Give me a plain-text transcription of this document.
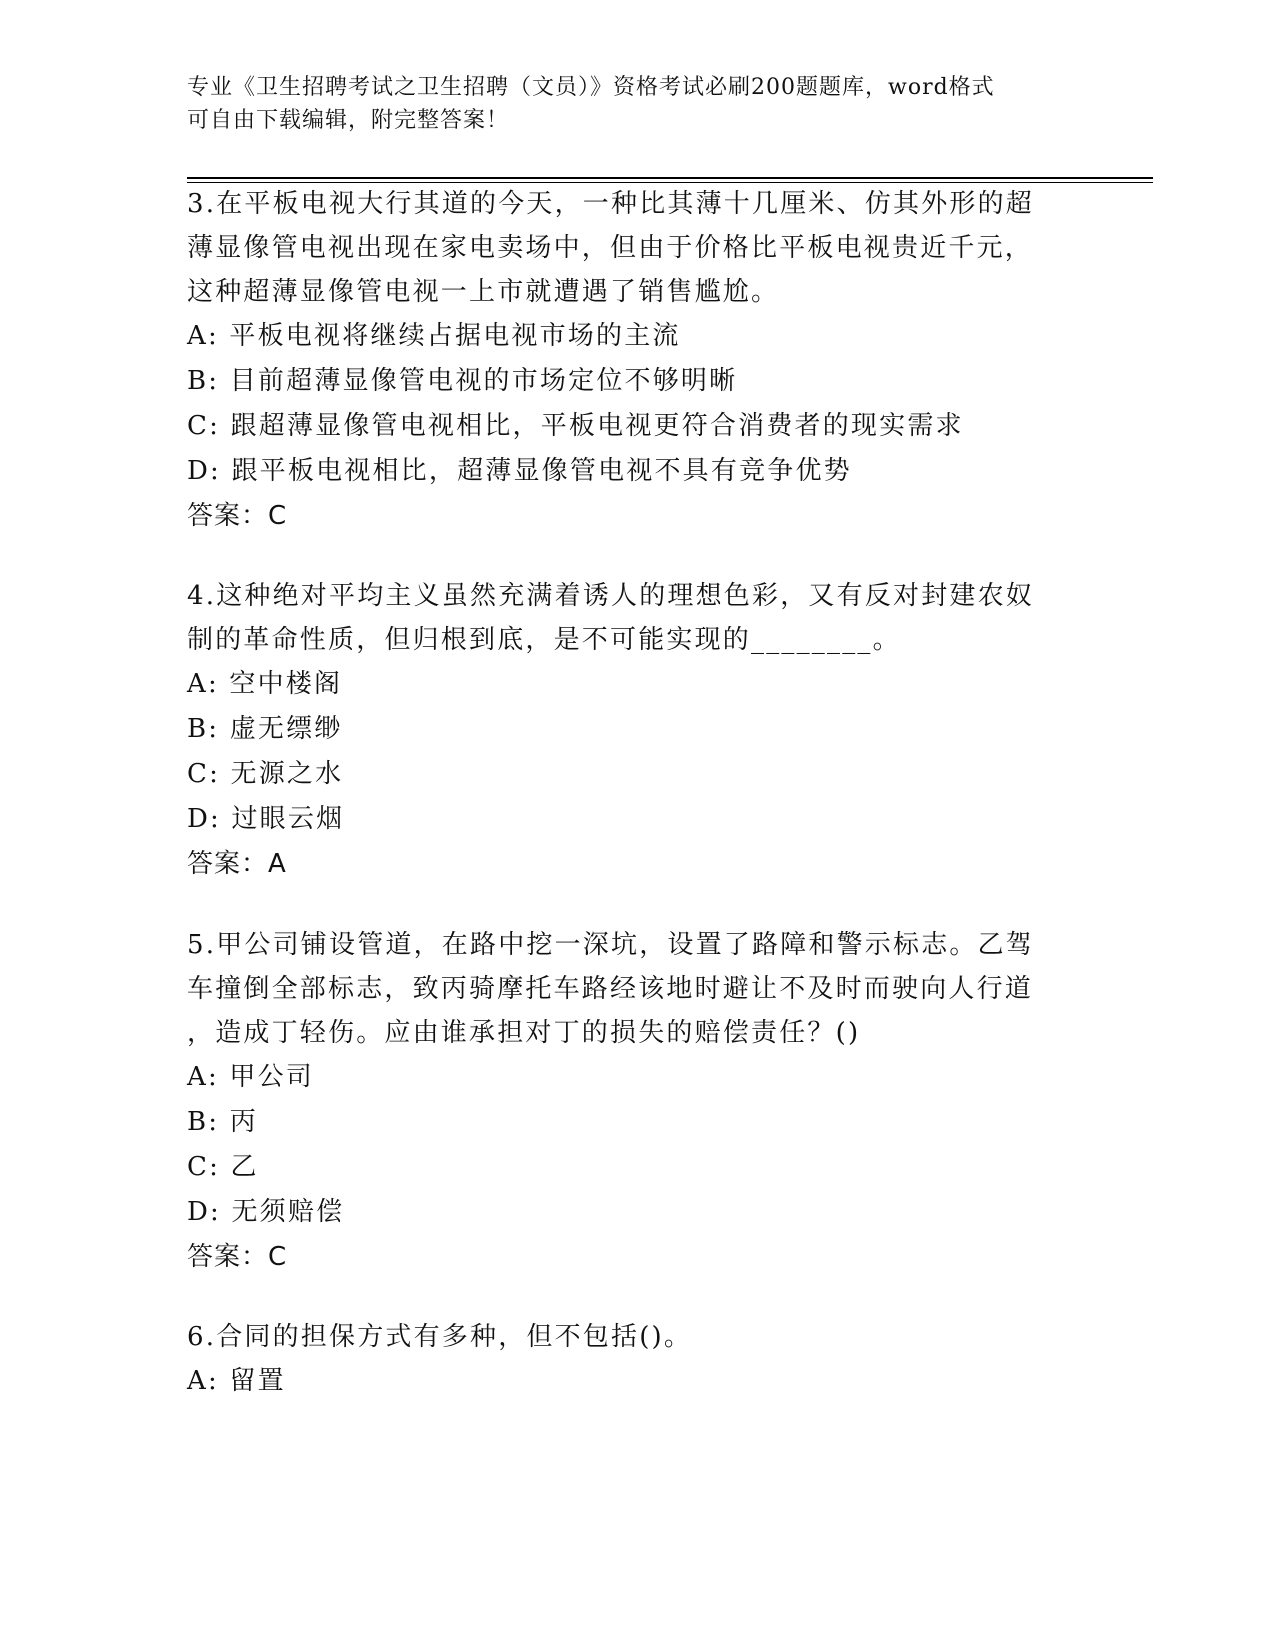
专业《卫生招聘考试之卫生招聘（文员）》资格考试必刷200题题库，word格式
可自由下载编辑，附完整答案！
3.在平板电视大行其道的今天，一种比其薄十几厘米、仿其外形的超
薄显像管电视出现在家电卖场中，但由于价格比平板电视贵近千元，
这种超薄显像管电视一上市就遭遇了销售尴尬。
A: 平板电视将继续占据电视市场的主流
B: 目前超薄显像管电视的市场定位不够明晰
C: 跟超薄显像管电视相比，平板电视更符合消费者的现实需求
D: 跟平板电视相比，超薄显像管电视不具有竞争优势
答案：C
4.这种绝对平均主义虽然充满着诱人的理想色彩，又有反对封建农奴
制的革命性质，但归根到底，是不可能实现的________。
A: 空中楼阁
B: 虚无缥缈
C: 无源之水
D: 过眼云烟
答案：A
5.甲公司铺设管道，在路中挖一深坑，设置了路障和警示标志。乙驾
车撞倒全部标志，致丙骑摩托车路经该地时避让不及时而驶向人行道
，造成丁轻伤。应由谁承担对丁的损失的赔偿责任？()
A: 甲公司
B: 丙
C: 乙
D: 无须赔偿
答案：C
6.合同的担保方式有多种，但不包括()。
A: 留置
